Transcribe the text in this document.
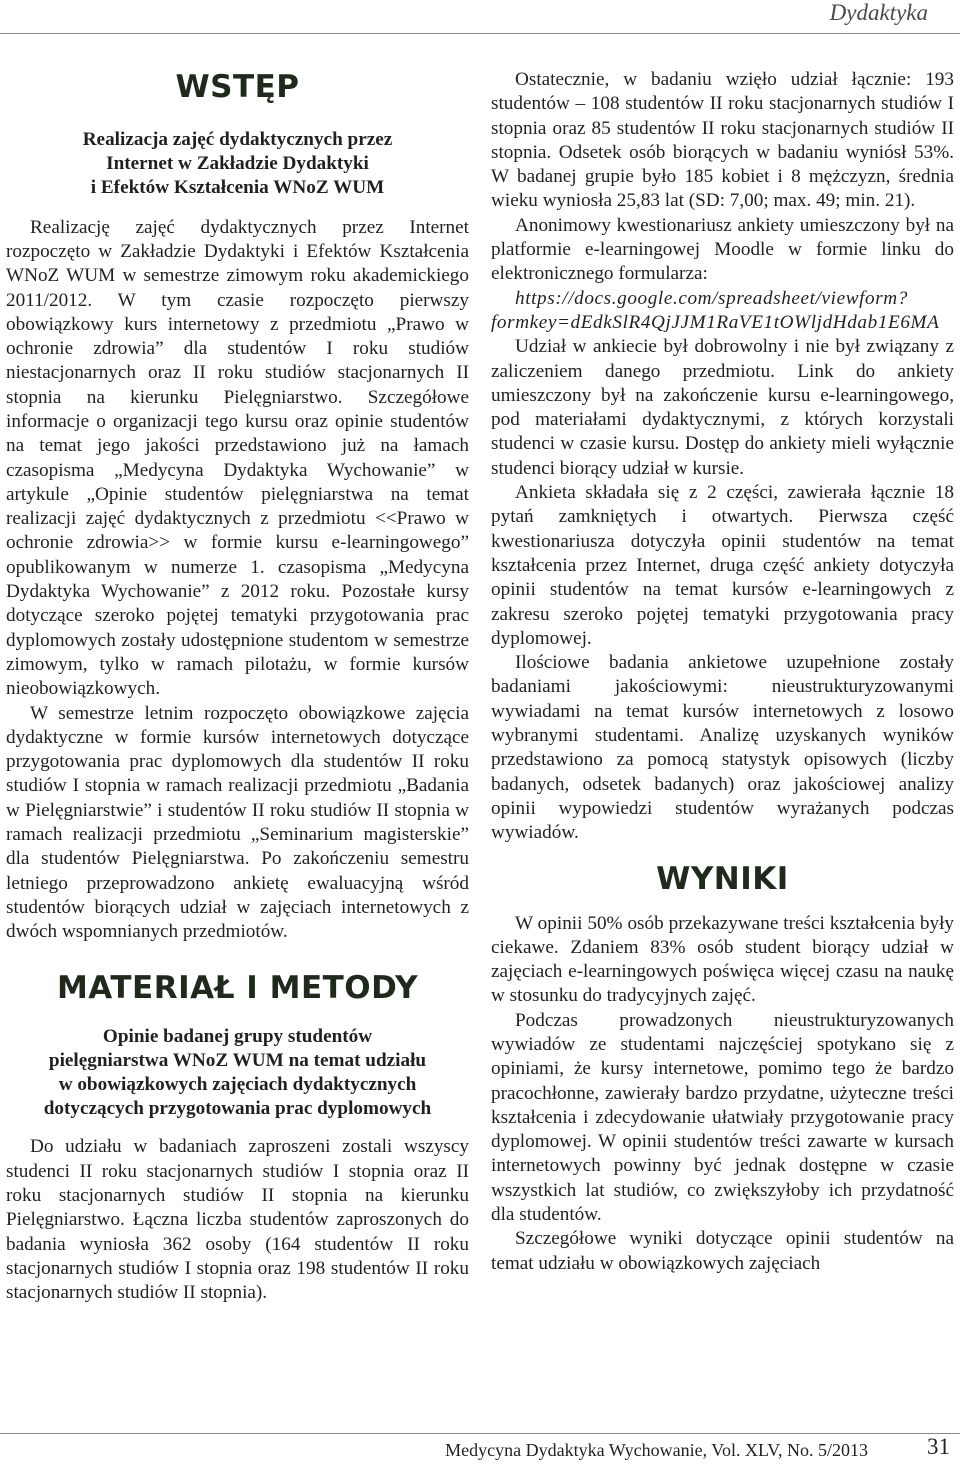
Dydaktyka
WSTĘP
Realizacja zajęć dydaktycznych przez
Internet w Zakładzie Dydaktyki
i Efektów Kształcenia WNoZ WUM

Realizację zajęć dydaktycznych przez Internet rozpoczęto w Zakładzie Dydaktyki i Efektów Kształcenia WNoZ WUM w semestrze zimowym roku akademickiego 2011/2012. W tym czasie rozpoczęto pierwszy obowiązkowy kurs internetowy z przedmiotu „Prawo w ochronie zdrowia” dla studentów I roku studiów niestacjonarnych oraz II roku studiów stacjonarnych II stopnia na kierunku Pielęgniarstwo. Szczegółowe informacje o organizacji tego kursu oraz opinie studentów na temat jego jakości przedstawiono już na łamach czasopisma „Medycyna Dydaktyka Wychowanie” w artykule „Opinie studentów pielęgniarstwa na temat realizacji zajęć dydaktycznych z przedmiotu <<Prawo w ochronie zdrowia>> w formie kursu e-learningowego” opublikowanym w numerze 1. czasopisma „Medycyna Dydaktyka Wychowanie” z 2012 roku. Pozostałe kursy dotyczące szeroko pojętej tematyki przygotowania prac dyplomowych zostały udostępnione studentom w semestrze zimowym, tylko w ramach pilotażu, w formie kursów nieobowiązkowych.

W semestrze letnim rozpoczęto obowiązkowe zajęcia dydaktyczne w formie kursów internetowych dotyczące przygotowania prac dyplomowych dla studentów II roku studiów I stopnia w ramach realizacji przedmiotu „Badania w Pielęgniarstwie” i studentów II roku studiów II stopnia w ramach realizacji przedmiotu „Seminarium magisterskie” dla studentów Pielęgniarstwa. Po zakończeniu semestru letniego przeprowadzono ankietę ewaluacyjną wśród studentów biorących udział w zajęciach internetowych z dwóch wspomnianych przedmiotów.

MATERIAŁ I METODY
Opinie badanej grupy studentów
pielęgniarstwa WNoZ WUM na temat udziału
w obowiązkowych zajęciach dydaktycznych
dotyczących przygotowania prac dyplomowych

Do udziału w badaniach zaproszeni zostali wszyscy studenci II roku stacjonarnych studiów I stopnia oraz II roku stacjonarnych studiów II stopnia na kierunku Pielęgniarstwo. Łączna liczba studentów zaproszonych do badania wyniosła 362 osoby (164 studentów II roku stacjonarnych studiów I stopnia oraz 198 studentów II roku stacjonarnych studiów II stopnia).

Ostatecznie, w badaniu wzięło udział łącznie: 193 studentów – 108 studentów II roku stacjonarnych studiów I stopnia oraz 85 studentów II roku stacjonarnych studiów II stopnia. Odsetek osób biorących w badaniu wyniósł 53%. W badanej grupie było 185 kobiet i 8 mężczyzn, średnia wieku wyniosła 25,83 lat (SD: 7,00; max. 49; min. 21).

Anonimowy kwestionariusz ankiety umieszczony był na platformie e-learningowej Moodle w formie linku do elektronicznego formularza:

https://docs.google.com/spreadsheet/viewform?formkey=dEdkSlR4QjJJM1RaVE1tOWljdHdab1E6MA

Udział w ankiecie był dobrowolny i nie był związany z zaliczeniem danego przedmiotu. Link do ankiety umieszczony był na zakończenie kursu e-learningowego, pod materiałami dydaktycznymi, z których korzystali studenci w czasie kursu. Dostęp do ankiety mieli wyłącznie studenci biorący udział w kursie.

Ankieta składała się z 2 części, zawierała łącznie 18 pytań zamkniętych i otwartych. Pierwsza część kwestionariusza dotyczyła opinii studentów na temat kształcenia przez Internet, druga część ankiety dotyczyła opinii studentów na temat kursów e-learningowych z zakresu szeroko pojętej tematyki przygotowania pracy dyplomowej.

Ilościowe badania ankietowe uzupełnione zostały badaniami jakościowymi: nieustrukturyzowanymi wywiadami na temat kursów internetowych z losowo wybranymi studentami. Analizę uzyskanych wyników przedstawiono za pomocą statystyk opisowych (liczby badanych, odsetek badanych) oraz jakościowej analizy opinii wypowiedzi studentów wyrażanych podczas wywiadów.

WYNIKI

W opinii 50% osób przekazywane treści kształcenia były ciekawe. Zdaniem 83% osób student biorący udział w zajęciach e-learningowych poświęca więcej czasu na naukę w stosunku do tradycyjnych zajęć.

Podczas prowadzonych nieustrukturyzowanych wywiadów ze studentami najczęściej spotykano się z opiniami, że kursy internetowe, pomimo tego że bardzo pracochłonne, zawierały bardzo przydatne, użyteczne treści kształcenia i zdecydowanie ułatwiały przygotowanie pracy dyplomowej. W opinii studentów treści zawarte w kursach internetowych powinny być jednak dostępne w czasie wszystkich lat studiów, co zwiększyłoby ich przydatność dla studentów.

Szczegółowe wyniki dotyczące opinii studentów na temat udziału w obowiązkowych zajęciach

Medycyna Dydaktyka Wychowanie, Vol. XLV, No. 5/2013	31
